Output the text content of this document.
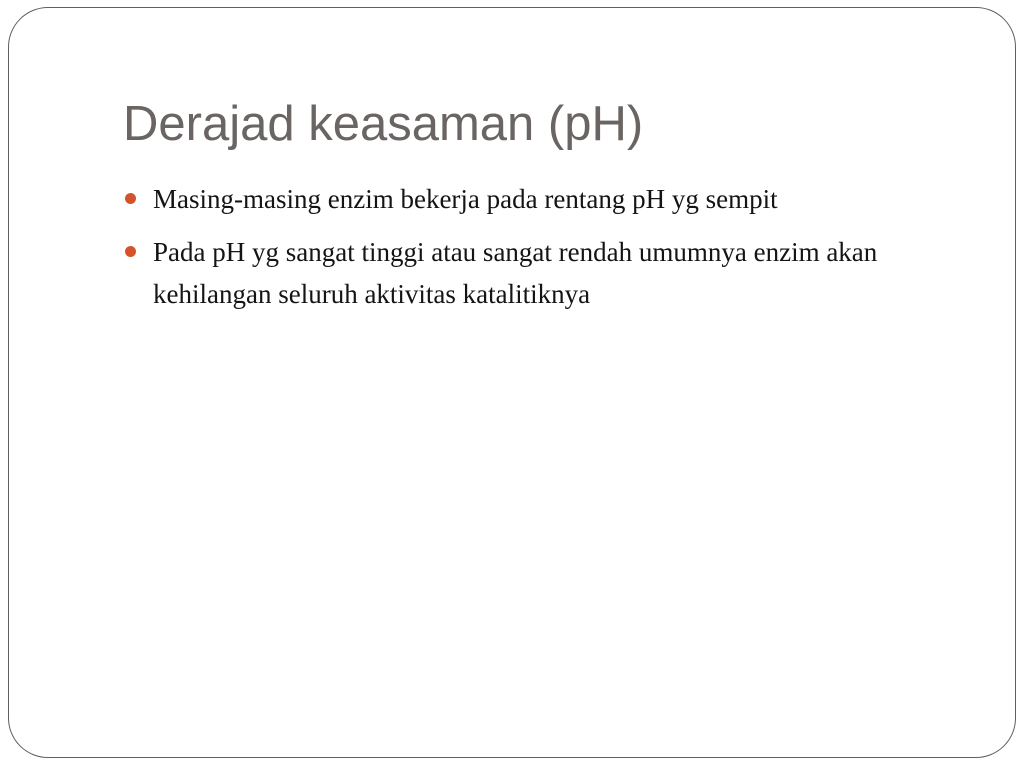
Derajad keasaman (pH)
Masing-masing enzim bekerja pada rentang pH yg sempit
Pada pH yg sangat tinggi atau sangat rendah umumnya enzim akan kehilangan seluruh aktivitas katalitiknya
